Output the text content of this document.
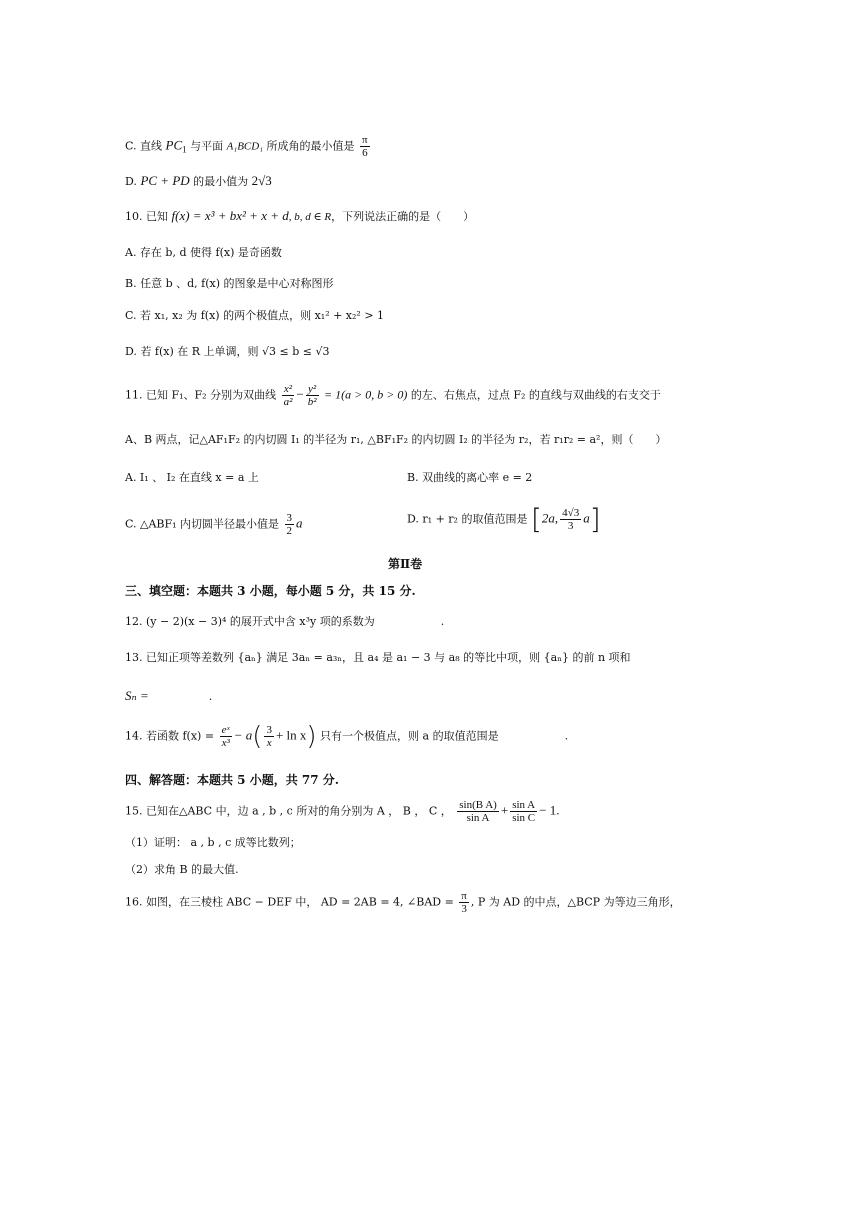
C. 直线 $PC_1$ 与平面 A₁BCD₁ 所成角的最小值是 $\frac{\pi}{6}$
D. PC + PD 的最小值为 2√3
10. 已知 f(x) = x³ + bx² + x + d, b, d ∈ R，下列说法正确的是（　　）
A. 存在 b, d 使得 f(x) 是奇函数
B. 任意 b 、d, f(x) 的图象是中心对称图形
C. 若 x₁, x₂ 为 f(x) 的两个极值点，则 x₁² + x₂² > 1
D. 若 f(x) 在 R 上单调，则 √3 ≤ b ≤ √3
11. 已知 F₁、F₂ 分别为双曲线 $\frac{\text{x²}}{\text{a²}} - \frac{\text{y²}}{\text{b²}} = 1(a > 0$, b > 0) 的左、右焦点，过点 F₂ 的直线与双曲线的右支交于
A、B 两点，记△AF₁F₂ 的内切圆 I₁ 的半径为 r₁, △BF₁F₂ 的内切圆 I₂ 的半径为 r₂，若 r₁r₂ = a²，则（　　）
A. I₁ 、 I₂ 在直线 x = a 上	B. 双曲线的离心率 e = 2
C. △ABF₁ 内切圆半径最小值是 $\frac{3}{2}$ a	D. r₁ + r₂ 的取值范围是 [2a, $\frac{4√3}{3} a$]
第Ⅱ卷
三、填空题：本题共 3 小题，每小题 5 分，共 15 分.
12. (y − 2)(x − 3)⁴ 的展开式中含 x³y 项的系数为	.
13. 已知正项等差数列 {aₙ} 满足 3aₙ = a₃ₙ，且 a₄ 是 a₁ − 3 与 a₈ 的等比中项，则 {aₙ} 的前 n 项和
Sₙ =	.
14. 若函数 $f(x) = \frac{\text{eˣ}}{\text{x³}} - a( \frac{3}{x} + \ln x)$ 只有一个极值点，则 a 的取值范围是	.
四、解答题：本题共 5 小题，共 77 分.
15. 已知在△ABC 中，边 a , b , c 所对的角分别为 A ， B ， C ， $\frac{\text{sin(B A)}}{\text{sin A}} + \frac{\text{sin A}}{\text{sin C}} - 1$.
（1）证明： a , b , c 成等比数列；
（2）求角 B 的最大值.
16. 如图，在三棱柱 ABC − DEF 中， AD = 2AB = 4, ∠BAD = $\frac{\pi}{3}$ , P 为 AD 的中点，△BCP 为等边三角形，
